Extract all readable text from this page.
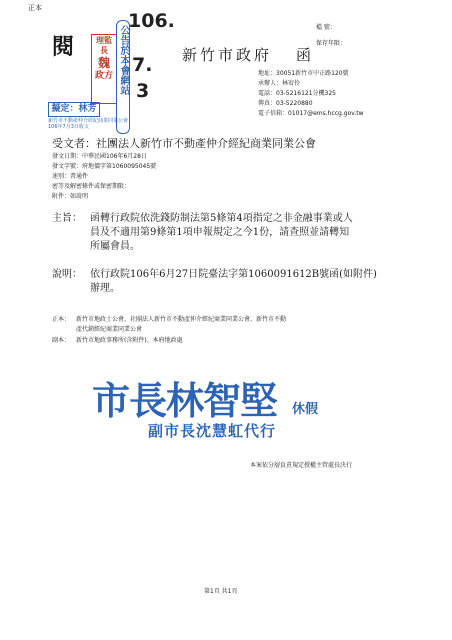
正本
檔 號：
保存年限：
閱	理監
長
魏
政方 公告於本會網站
106.
7.
3
新竹市政府 函
地址：30051新竹市中正路120號
承辦人：林宥伶
電話：03-5216121分機325
傳真：03-5220880
電子信箱：01017@ems.hccg.gov.tw
擬定：林芳
新竹市不動產仲介經紀商業同業公會
106年7月3日收文
受文者：社團法人新竹市不動產仲介經紀商業同業公會
發文日期：中華民國106年6月28日
發文字號：府地價字第1060095045號
速別：普通件
密等及解密條件或保密期限：
附件：如說明
主旨： 函轉行政院依洗錢防制法第5條第4項指定之非金融事業或人
員及不適用第9條第1項申報規定之今1份，請查照並請轉知
所屬會員。
說明： 依行政院106年6月27日院臺法字第1060091612B號函(如附件)
辦理。
正本： 新竹市地政士公會、社團法人新竹市不動產仲介經紀商業同業公會、新竹市不動
產代銷經紀商業同業公會
副本： 新竹市地政事務所(含附件)、本府地政處
市長林智堅 休假
副市長沈慧虹代行
本案依分層負責規定授權主管處長決行
第1頁 共1頁
